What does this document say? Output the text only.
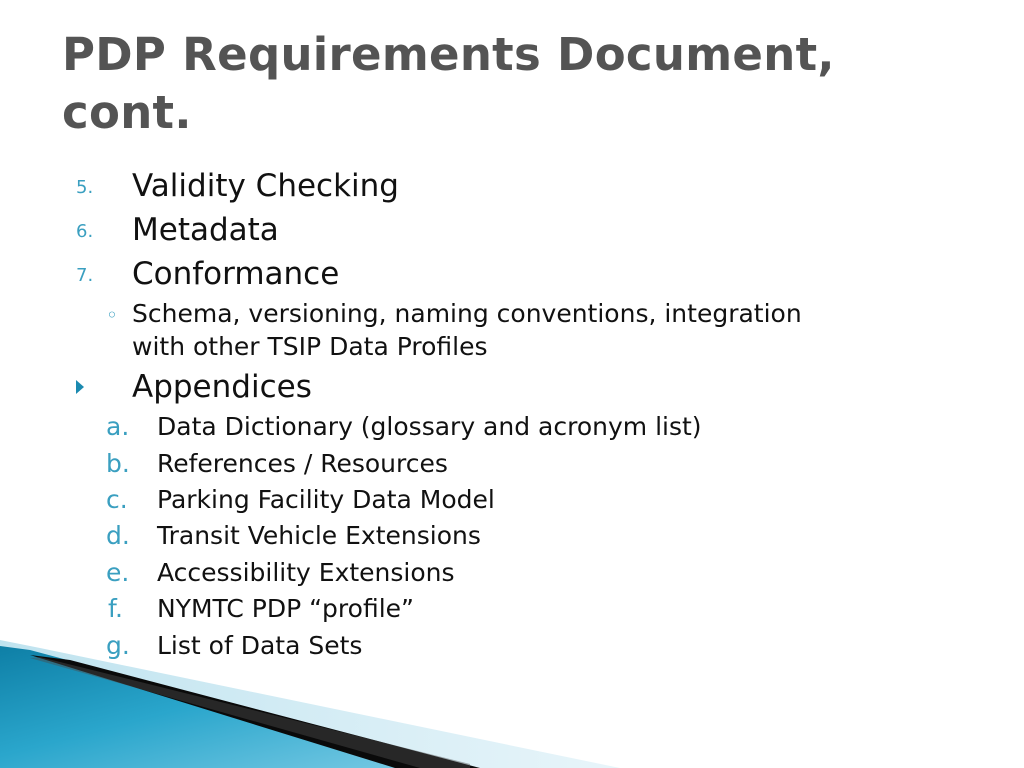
PDP Requirements Document, cont.
5. Validity Checking
6. Metadata
7. Conformance
◦ Schema, versioning, naming conventions, integration
with other TSIP Data Profiles
Appendices
a. Data Dictionary (glossary and acronym list)
b. References / Resources
c. Parking Facility Data Model
d. Transit Vehicle Extensions
e. Accessibility Extensions
f. NYMTC PDP “profile”
g. List of Data Sets
